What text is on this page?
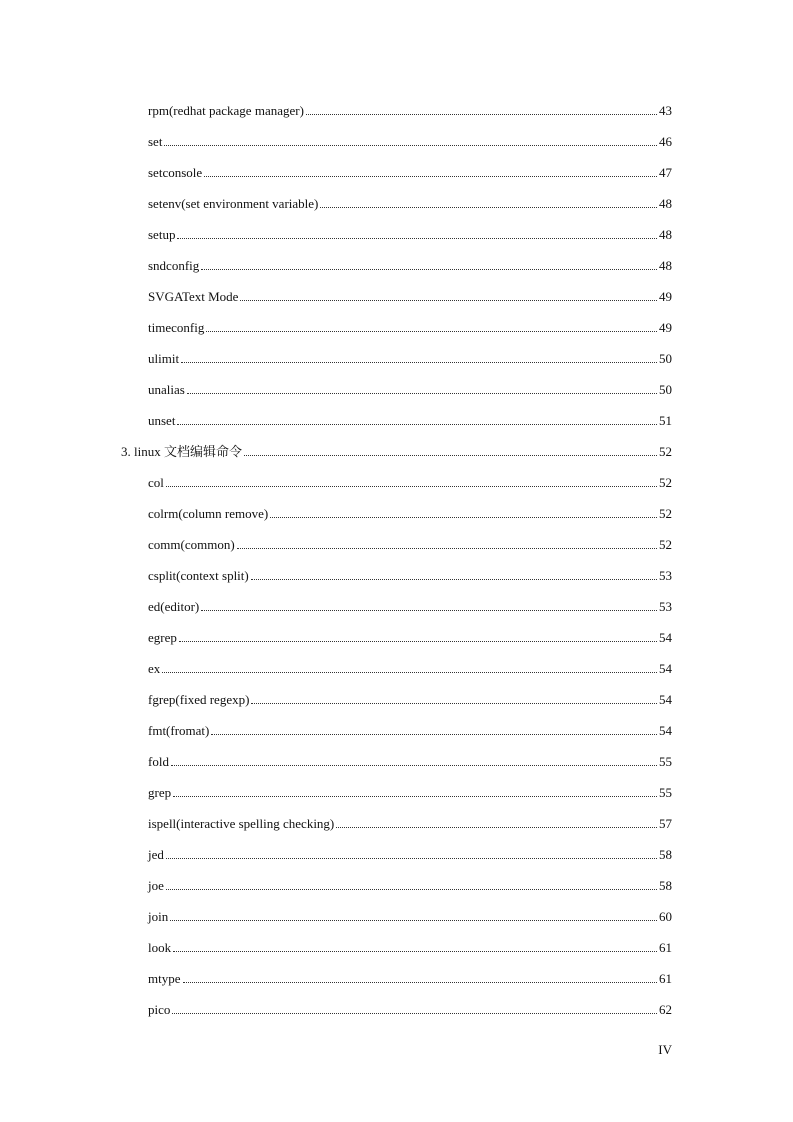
rpm(redhat package manager)	43
set	46
setconsole	47
setenv(set environment variable)	48
setup	48
sndconfig	48
SVGAText Mode	49
timeconfig	49
ulimit	50
unalias	50
unset	51
3. linux 文档编辑命令	52
col	52
colrm(column remove)	52
comm(common)	52
csplit(context split)	53
ed(editor)	53
egrep	54
ex	54
fgrep(fixed regexp)	54
fmt(fromat)	54
fold	55
grep	55
ispell(interactive spelling checking)	57
jed	58
joe	58
join	60
look	61
mtype	61
pico	62
IV
